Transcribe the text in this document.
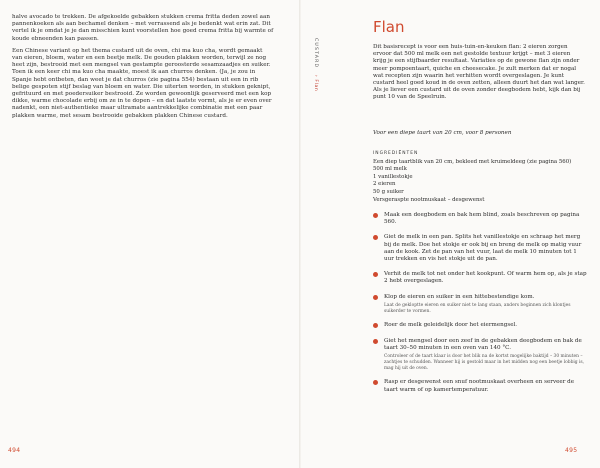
halve avocado te trekken. De afgekoelde gebakken stukken crema fritta deden zowel aan pannenkoeken als aan bechamel denken – met verrassend als je bedenkt wat erin zat. Dit vertel ik je omdat je je dan misschien kunt voorstellen hoe goed crema fritta bij warmte of koude ebneenden kan passen.

Een Chinese variant op het thema custard uit de oven, chi ma kuo cha, wordt gemaakt van eieren, bloem, water en een beetje melk. De gouden plakken worden, terwijl ze nog heet zijn, bestrooid met een mengsel van gestampte geroosterde sesamzaadjes en suiker. Toen ik een keer chi ma kuo cha maakte, moest ik aan churros denken. (Ja, je zou in Spanje hebt ontbeten, dan weet je dat churros (zie pagina 554) bestaan uit een in rib belige gespoten stijf beslag van bloem en water. Die uiterten worden, in stukken geknipt, gefrituurd en met poedersuiker bestrooid. Ze worden gewoonlijk geserveerd met een kop dikke, warme chocolade erbij om ze in te dopen – en dat laatste vormt, als je er even over nadenkt, een niet-authentieke maar ultramate aantrekkelijke combinatie met een paar plakken warme, met sesam bestrooide gebakken plakken Chinese custard.

494
CUSTARD › Flan
Flan
Dit basisrecept is voor een huis-tuin-en-keuken flan: 2 eieren zorgen ervoor dat 500 ml melk een net gestolde textuur krijgt – met 3 eieren krijg je een stijfbaarder resultaat. Variaties op de gewone flan zijn onder meer pompoentaart, quiche en cheesecake. Je zult merken dat er nogal wat recepten zijn waarin het verhitten wordt overgeslagen. Je kunt custard heel goed koud in de oven zetten, alleen duurt het dan wat langer. Als je liever een custard uit de oven zonder deegbodem hebt, kijk dan bij punt 10 van de Speelruin.
Voor een diepe taart van 20 cm, voor 8 personen
INGREDIËNTEN
Een diep taartblik van 20 cm, bekleed met kruimeldeeg (zie pagina 560)
500 ml melk
1 vanillestokje
2 eieren
50 g suiker
Versgeraspte nootmuskaat – desgewenst
Maak een deegbodem en bak hem blind, zoals beschreven op pagina 560.
Giet de melk in een pan. Splits het vanillestokje en schraap het merg bij de melk. Doe het stokje er ook bij en breng de melk op matig vuur aan de kook. Zet de pan van het vuur, laat de melk 10 minuten tot 1 uur trekken en vis het stokje uit de pan.
Verhit de melk tot net onder het kookpunt. Of warm hem op, als je stap 2 hebt overgeslagen.
Klop de eieren en suiker in een hittebestendige kom.
Laat de gekloptte eieren en suiker niet te lang staan, anders beginnen zich klontjes suikerder te vormen.
Roer de melk geleidelijk door het eiermengsel.
Giet het mengsel door een zeef in de gebakken deegbodem en bak de taart 30–50 minuten in een oven van 140 °C.
Controleer of de taart klaar is door het blik na de kortst mogelijke baktijd – 30 minuten – zachtjes te schudden. Wanneer hij is gestold maar in het midden nog een beetje lobbig is, mag hij uit de oven.
Rasp er desgewenst een snuf nootmuskaat overheen en serveer de taart warm of op kamertemperatuur.
495
